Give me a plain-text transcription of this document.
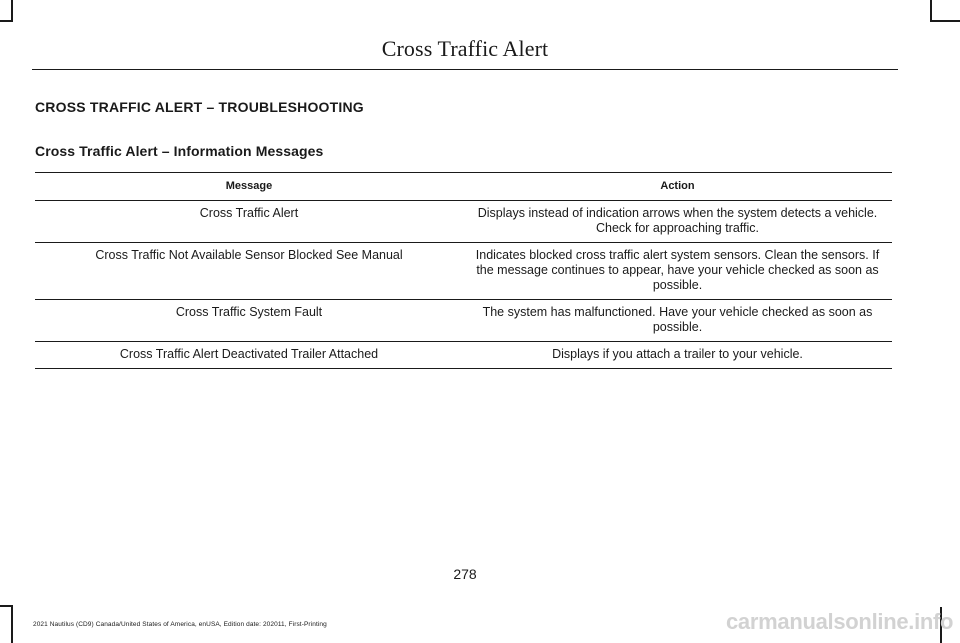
Cross Traffic Alert
CROSS TRAFFIC ALERT – TROUBLESHOOTING
Cross Traffic Alert – Information Messages
Message	Action
Cross Traffic Alert	Displays instead of indication arrows when the system detects a vehicle. Check for approaching traffic.
Cross Traffic Not Available Sensor Blocked See Manual	Indicates blocked cross traffic alert system sensors. Clean the sensors. If the message continues to appear, have your vehicle checked as soon as possible.
Cross Traffic System Fault	The system has malfunctioned. Have your vehicle checked as soon as possible.
Cross Traffic Alert Deactivated Trailer Attached	Displays if you attach a trailer to your vehicle.
278
2021 Nautilus (CD9) Canada/United States of America, enUSA, Edition date: 202011, First-Printing	carmanualsonline.info
